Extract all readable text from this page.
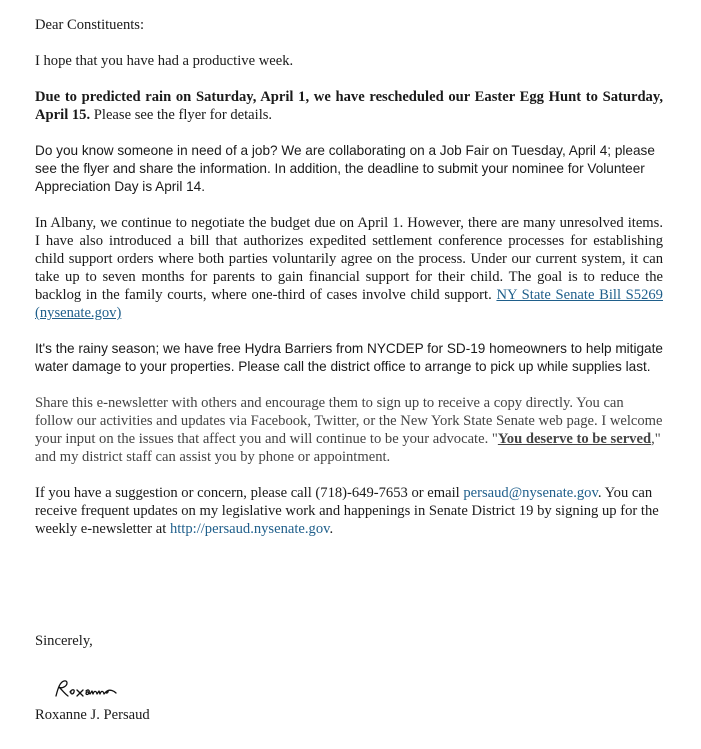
Dear Constituents:

I hope that you have had a productive week.

Due to predicted rain on Saturday, April 1, we have rescheduled our Easter Egg Hunt to Saturday, April 15. Please see the flyer for details.

Do you know someone in need of a job? We are collaborating on a Job Fair on Tuesday, April 4; please see the flyer and share the information. In addition, the deadline to submit your nominee for Volunteer Appreciation Day is April 14.

In Albany, we continue to negotiate the budget due on April 1. However, there are many unresolved items. I have also introduced a bill that authorizes expedited settlement conference processes for establishing child support orders where both parties voluntarily agree on the process. Under our current system, it can take up to seven months for parents to gain financial support for their child. The goal is to reduce the backlog in the family courts, where one-third of cases involve child support. NY State Senate Bill S5269 (nysenate.gov)

It's the rainy season; we have free Hydra Barriers from NYCDEP for SD-19 homeowners to help mitigate water damage to your properties. Please call the district office to arrange to pick up while supplies last.

Share this e-newsletter with others and encourage them to sign up to receive a copy directly. You can follow our activities and updates via Facebook, Twitter, or the New York State Senate web page. I welcome your input on the issues that affect you and will continue to be your advocate. "You deserve to be served," and my district staff can assist you by phone or appointment.

If you have a suggestion or concern, please call (718)-649-7653 or email persaud@nysenate.gov. You can receive frequent updates on my legislative work and happenings in Senate District 19 by signing up for the weekly e-newsletter at http://persaud.nysenate.gov.

Sincerely,

Roxanne J. Persaud
